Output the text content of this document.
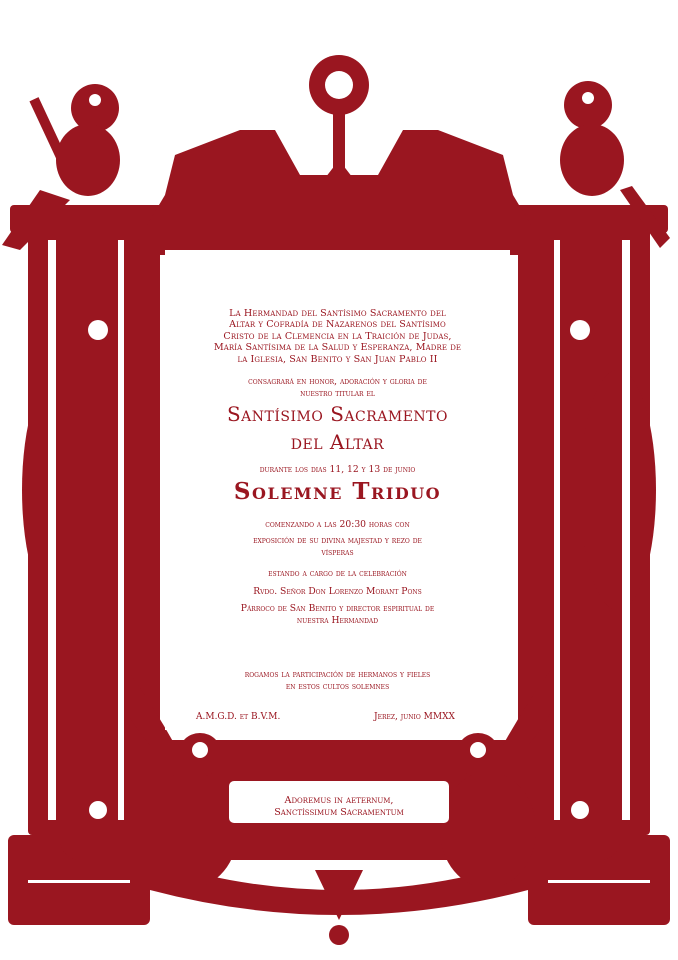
La Hermandad del Santísimo Sacramento del
Altar y Cofradía de Nazarenos del Santísimo
Cristo de la Clemencia en la Traición de Judas,
María Santísima de la Salud y Esperanza, Madre de
la Iglesia, San Benito y San Juan Pablo II
consagrará en honor, adoración y gloria de
nuestro titular el
Santísimo Sacramento
del Altar
durante los dias 11, 12 y 13 de junio
Solemne Triduo
comenzando a las 20:30 horas con
exposición de su divina majestad y rezo de
vísperas
estando a cargo de la celebración
Rvdo. Señor Don Lorenzo Morant Pons
Párroco de San Benito y director espiritual de
nuestra Hermandad
rogamos la participación de hermanos y fieles
en estos cultos solemnes
A.M.G.D. et B.V.M.	Jerez, junio MMXX
Adoremus in aeternum,
Sanctíssimum Sacramentum
